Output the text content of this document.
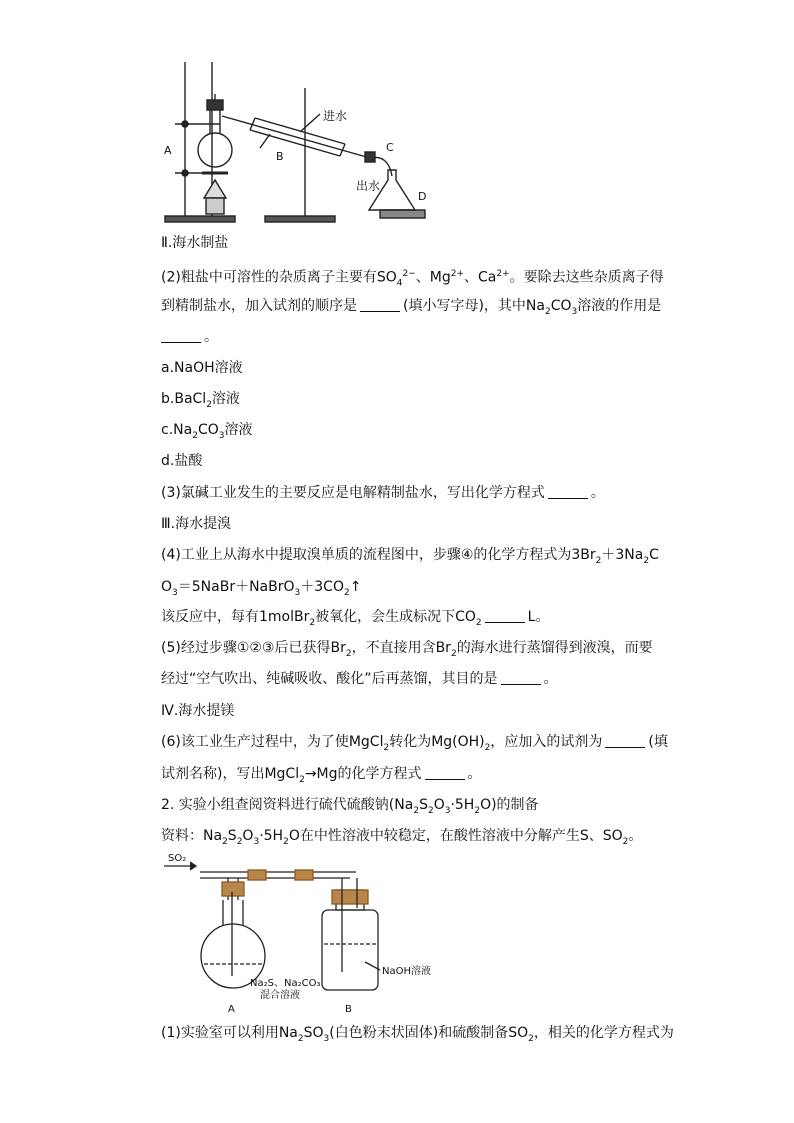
A	B
C
D
进水
出水
Ⅱ.海水制盐
(2)粗盐中可溶性的杂质离子主要有$SO_4^{2-}$、$Mg^{2+}$、$Ca^{2+}$。要除去这些杂质离子得
到精制盐水，加入试剂的顺序是	(填小写字母)，其中$Na_2CO_3$溶液的作用是
。
a.NaOH溶液
b.BaCl$_2$溶液
$c.Na_2CO_3$溶液
d.盐酸
(3)氯碱工业发生的主要反应是电解精制盐水，写出化学方程式	。
Ⅲ.海水提溴
(4)工业上从海水中提取溴单质的流程图中，步骤④的化学方程式为$3Br_2+3Na_2C$
$O_3=5NaBr+NaBrO_3+3CO_2↑$
该反应中，每有1molBr$_2$被氧化，会生成标况下$CO_2$	L。
(5)经过步骤①②③后已获得$Br_2$，不直接用含$Br_2$的海水进行蒸馏得到液溴，而要
经过“空气吹出、纯碱吸收、酸化”后再蒸馏，其目的是	。
Ⅳ.海水提镁
(6)该工业生产过程中，为了使MgCl$_2$转化为$Mg(OH)_2$，应加入的试剂为	(填
试剂名称)，写出MgCl$_2$→Mg的化学方程式	。
2. 实验小组查阅资料进行硫代硫酸钠$(Na_2S_2O_3\cdot 5H_2O)$的制备
资料：$Na_2S_2O_3\cdot 5H_2O$在中性溶液中较稳定，在酸性溶液中分解产生S、$SO_2$。
SO₂
Na₂S、Na₂CO₃
混合溶液
NaOH溶液
A	B
(1)实验室可以利用$Na_2SO_3$(白色粉末状固体)和硫酸制备$SO_2$，相关的化学方程式为
